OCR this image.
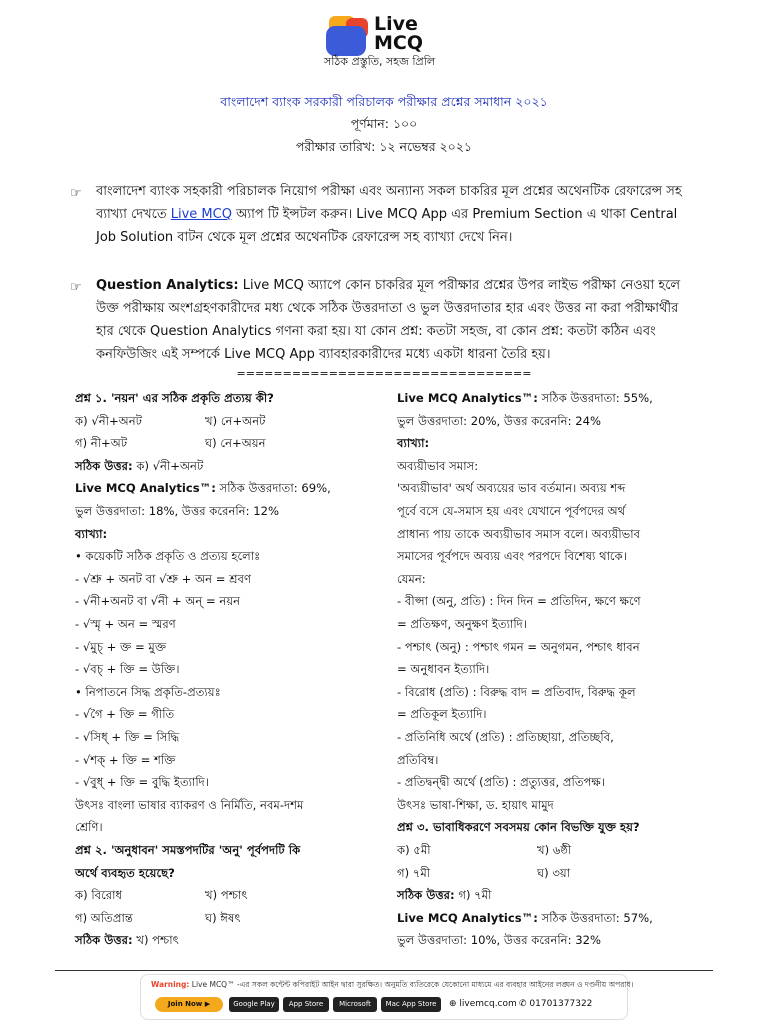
Live
MCQ
সঠিক প্রস্তুতি, সহজ প্রিলি
বাংলাদেশ ব্যাংক সরকারী পরিচালক পরীক্ষার প্রশ্নের সমাধান ২০২১
পূর্ণমান: ১০০
পরীক্ষার তারিখ: ১২ নভেম্বর ২০২১
☞ বাংলাদেশ ব্যাংক সহকারী পরিচালক নিয়োগ পরীক্ষা এবং অন্যান্য সকল চাকরির মূল প্রশ্নের অথেনটিক রেফারেন্স সহ ব্যাখ্যা দেখতে Live MCQ অ্যাপ টি ইন্সটল করুন। Live MCQ App এর Premium Section এ থাকা Central Job Solution বাটন থেকে মূল প্রশ্নের অথেনটিক রেফারেন্স সহ ব্যাখ্যা দেখে নিন।
☞ Question Analytics: Live MCQ অ্যাপে কোন চাকরির মূল পরীক্ষার প্রশ্নের উপর লাইভ পরীক্ষা নেওয়া হলে উক্ত পরীক্ষায় অংশগ্রহণকারীদের মধ্য থেকে সঠিক উত্তরদাতা ও ভুল উত্তরদাতার হার এবং উত্তর না করা পরীক্ষার্থীর হার থেকে Question Analytics গণনা করা হয়। যা কোন প্রশ্ন: কতটা সহজ, বা কোন প্রশ্ন: কতটা কঠিন এবং কনফিউজিং এই সম্পর্কে Live MCQ App ব্যাবহারকারীদের মধ্যে একটা ধারনা তৈরি হয়।
================================
প্রশ্ন ১. 'নয়ন' এর সঠিক প্রকৃতি প্রত্যয় কী?
ক) √নী+অনট	খ) নে+অনট
গ) নী+অট	ঘ) নে+অয়ন
সঠিক উত্তর: ক) √নী+অনট
Live MCQ Analytics™: সঠিক উত্তরদাতা: 69%,
ভুল উত্তরদাতা: 18%, উত্তর করেননি: 12%
ব্যাখ্যা:
• কয়েকটি সঠিক প্রকৃতি ও প্রত্যয় হলোঃ
- √শ্রু + অনট বা √শ্রু + অন = শ্রবণ
- √নী+অনট বা √নী + অন্ = নয়ন
- √স্মৃ + অন = স্মরণ
- √মুচ্ + ক্ত = মুক্ত
- √বচ্ + ক্তি = উক্তি।
• নিপাতনে সিদ্ধ প্রকৃতি-প্রত্যয়ঃ
- √গৈ + ক্তি = গীতি
- √সিধ্ + ক্তি = সিদ্ধি
- √শক্ + ক্তি = শক্তি
- √বুধ্ + ক্তি = বুদ্ধি ইত্যাদি।
উৎসঃ বাংলা ভাষার ব্যাকরণ ও নির্মিতি, নবম-দশম
শ্রেণি।
প্রশ্ন ২. 'অনুধাবন' সমস্তপদটির 'অনু' পূর্বপদটি কি
অর্থে ব্যবহৃত হয়েছে?
ক) বিরোধ	খ) পশ্চাৎ
গ) অতিপ্রান্ত	ঘ) ঈষৎ
সঠিক উত্তর: খ) পশ্চাৎ
Live MCQ Analytics™: সঠিক উত্তরদাতা: 55%,
ভুল উত্তরদাতা: 20%, উত্তর করেননি: 24%
ব্যাখ্যা:
অব্যয়ীভাব সমাস:
'অব্যয়ীভাব' অর্থ অব্যয়ের ভাব বর্তমান। অব্যয় শব্দ
পূর্বে বসে যে-সমাস হয় এবং যেখানে পূর্বপদের অর্থ
প্রাধান্য পায় তাকে অব্যয়ীভাব সমাস বলে। অব্যয়ীভাব
সমাসের পূর্বপদে অব্যয় এবং পরপদে বিশেষ্য থাকে।
যেমন:
- বীপ্সা (অনু, প্রতি) : দিন দিন = প্রতিদিন, ক্ষণে ক্ষণে
= প্রতিক্ষণ, অনুক্ষণ ইত্যাদি।
- পশ্চাৎ (অনু) : পশ্চাৎ গমন = অনুগমন, পশ্চাৎ ধাবন
= অনুধাবন ইত্যাদি।
- বিরোধ (প্রতি) : বিরুদ্ধ বাদ = প্রতিবাদ, বিরুদ্ধ কূল
= প্রতিকূল ইত্যাদি।
- প্রতিনিধি অর্থে (প্রতি) : প্রতিচ্ছায়া, প্রতিচ্ছবি,
প্রতিবিম্ব।
- প্রতিদ্বন্দ্বী অর্থে (প্রতি) : প্রত্যুত্তর, প্রতিপক্ষ।
উৎসঃ ভাষা-শিক্ষা, ড. হায়াৎ মামুদ
প্রশ্ন ৩. ভাবাধিকরণে সবসময় কোন বিভক্তি যুক্ত হয়?
ক) ৫মী	খ) ৬ষ্ঠী
গ) ৭মী	ঘ) ৩য়া
সঠিক উত্তর: গ) ৭মী
Live MCQ Analytics™: সঠিক উত্তরদাতা: 57%,
ভুল উত্তরদাতা: 10%, উত্তর করেননি: 32%
Warning: Live MCQ™ -এর সকল কন্টেন্ট কপিরাইট আইন দ্বারা সুরক্ষিত। অনুমতি ব্যতিরেকে যেকোনো মাধ্যমে এর ব্যবহার আইনের লঙ্ঘন ও দণ্ডনীয় অপরাধ।
Join Now ▶	Google Play	App Store	Microsoft	Mac App Store	⊕ livemcq.com ✆ 01701377322
